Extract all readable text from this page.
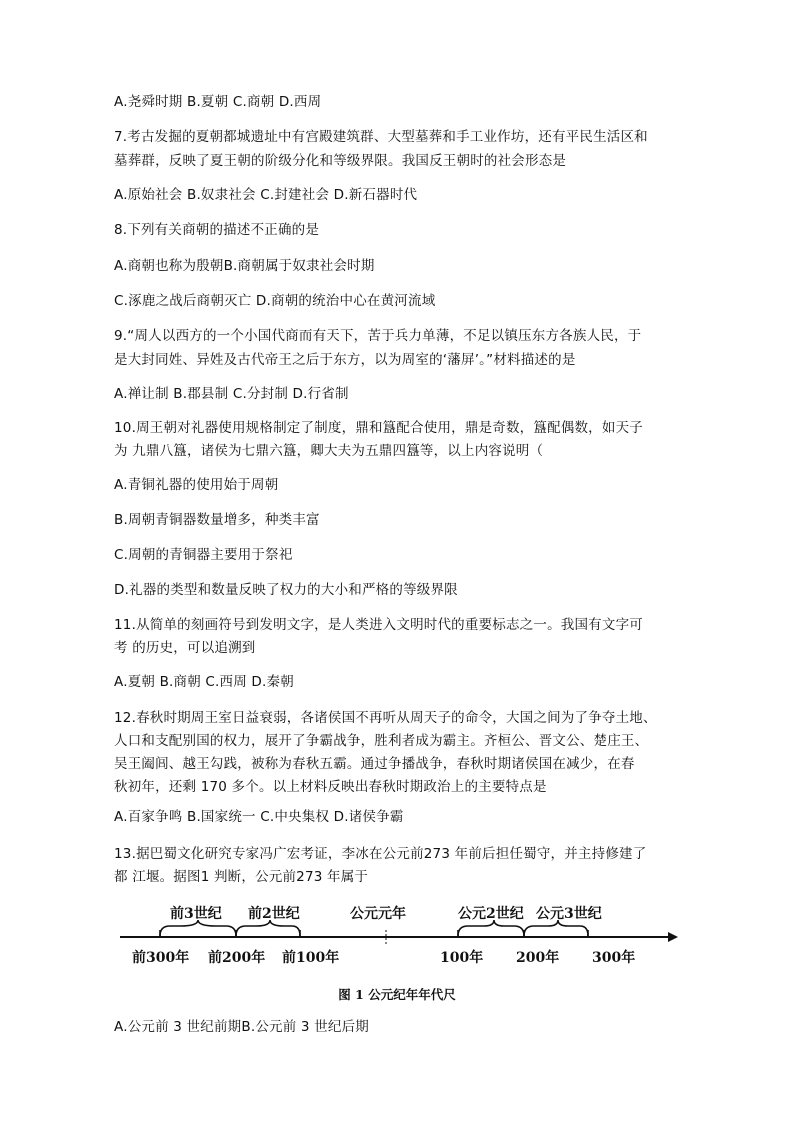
A.尧舜时期 B.夏朝 C.商朝 D.西周
7.考古发掘的夏朝都城遗址中有宫殿建筑群、大型墓葬和手工业作坊，还有平民生活区和
墓葬群，反映了夏王朝的阶级分化和等级界限。我国反王朝时的社会形态是
A.原始社会 B.奴隶社会 C.封建社会 D.新石器时代
8.下列有关商朝的描述不正确的是
A.商朝也称为殷朝B.商朝属于奴隶社会时期
C.涿鹿之战后商朝灭亡 D.商朝的统治中心在黄河流域
9.“周人以西方的一个小国代商而有天下，苦于兵力单薄，不足以镇压东方各族人民，于
是大封同姓、异姓及古代帝王之后于东方，以为周室的‘藩屏’。”材料描述的是
A.禅让制 B.郡县制 C.分封制 D.行省制
10.周王朝对礼器使用规格制定了制度，鼎和簋配合使用，鼎是奇数，簋配偶数，如天子
为 九鼎八簋，诸侯为七鼎六簋，卿大夫为五鼎四簋等，以上内容说明（
A.青铜礼器的使用始于周朝
B.周朝青铜器数量增多，种类丰富
C.周朝的青铜器主要用于祭祀
D.礼器的类型和数量反映了权力的大小和严格的等级界限
11.从简单的刻画符号到发明文字，是人类进入文明时代的重要标志之一。我国有文字可
考 的历史，可以追溯到
A.夏朝 B.商朝 C.西周 D.秦朝
12.春秋时期周王室日益衰弱，各诸侯国不再听从周天子的命令，大国之间为了争夺土地、
人口和支配别国的权力，展开了争霸战争，胜利者成为霸主。齐桓公、晋文公、楚庄王、
吴王阖闾、越王勾践，被称为春秋五霸。通过争播战争，春秋时期诸侯国在减少，在春
秋初年，还剩 170 多个。以上材料反映出春秋时期政治上的主要特点是
A.百家争鸣 B.国家统一 C.中央集权 D.诸侯争霸
13.据巴蜀文化研究专家冯广宏考证，李冰在公元前273 年前后担任蜀守，并主持修建了
都 江堰。据图1 判断，公元前273 年属于
前3世纪 前2世纪	公元元年	公元2世纪 公元3世纪
前300年 前200年 前100年	100年 200年 300年
图 1 公元纪年年代尺
A.公元前 3 世纪前期B.公元前 3 世纪后期
